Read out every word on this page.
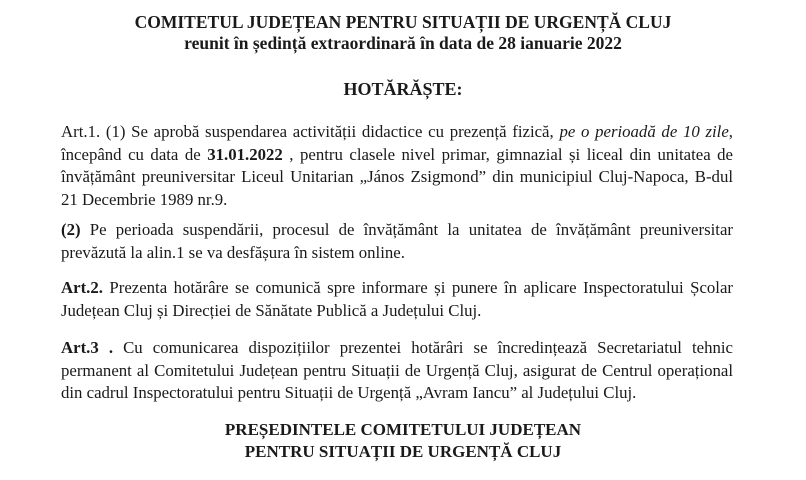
COMITETUL JUDEȚEAN PENTRU SITUAȚII DE URGENȚĂ CLUJ
reunit în ședință extraordinară în data de 28 ianuarie 2022
HOTĂRĂȘTE:
Art.1. (1) Se aprobă suspendarea activității didactice cu prezență fizică, pe o perioadă de 10 zile, începând cu data de 31.01.2022 , pentru clasele nivel primar, gimnazial și liceal din unitatea de învățământ preuniversitar Liceul Unitarian „János Zsigmond” din municipiul Cluj-Napoca, B-dul 21 Decembrie 1989 nr.9.
(2) Pe perioada suspendării, procesul de învățământ la unitatea de învățământ preuniversitar prevăzută la alin.1 se va desfășura în sistem online.
Art.2. Prezenta hotărâre se comunică spre informare și punere în aplicare Inspectoratului Școlar Județean Cluj și Direcției de Sănătate Publică a Județului Cluj.
Art.3 . Cu comunicarea dispozițiilor prezentei hotărâri se încredințează Secretariatul tehnic permanent al Comitetului Județean pentru Situații de Urgență Cluj, asigurat de Centrul operațional din cadrul Inspectoratului pentru Situații de Urgență „Avram Iancu” al Județului Cluj.
PREȘEDINTELE COMITETULUI JUDEȚEAN
PENTRU SITUAȚII DE URGENȚĂ CLUJ
